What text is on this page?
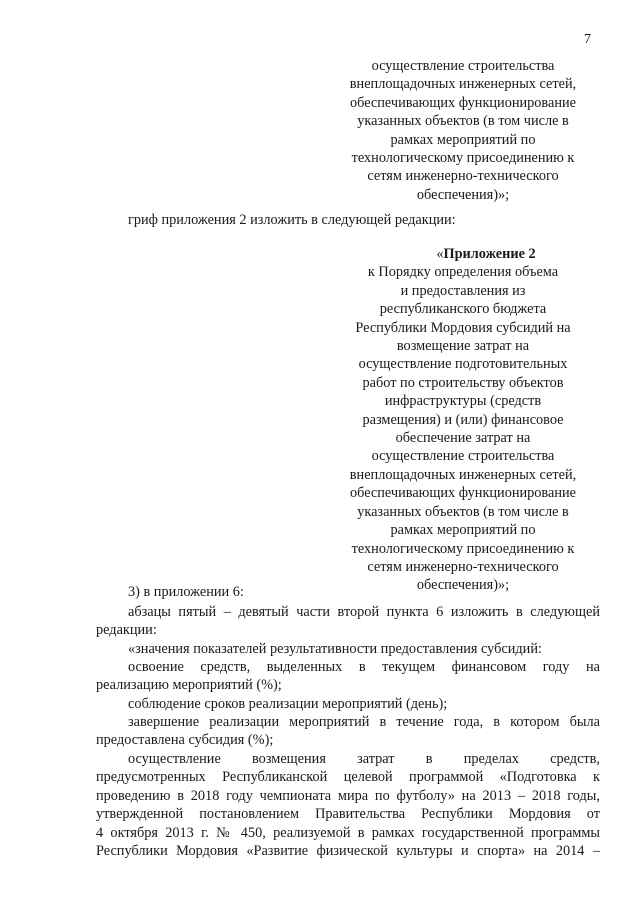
7
осуществление строительства
внеплощадочных инженерных сетей,
обеспечивающих функционирование
указанных объектов (в том числе в
рамках мероприятий по
технологическому присоединению к
сетям инженерно-технического
обеспечения)»;
гриф приложения 2 изложить в следующей редакции:
«Приложение 2
к Порядку определения объема
и предоставления из
республиканского бюджета
Республики Мордовия субсидий на
возмещение затрат на
осуществление подготовительных
работ по строительству объектов
инфраструктуры (средств
размещения) и (или) финансовое
обеспечение затрат на
осуществление строительства
внеплощадочных инженерных сетей,
обеспечивающих функционирование
указанных объектов (в том числе в
рамках мероприятий по
технологическому присоединению к
сетям инженерно-технического
обеспечения)»;
3) в приложении 6:
абзацы пятый – девятый части второй пункта 6 изложить в следующей
редакции:
«значения показателей результативности предоставления субсидий:
освоение средств, выделенных в текущем финансовом году на
реализацию мероприятий (%);
соблюдение сроков реализации мероприятий (день);
завершение реализации мероприятий в течение года, в котором была
предоставлена субсидия (%);
осуществление возмещения затрат в пределах средств,
предусмотренных Республиканской целевой программой «Подготовка к
проведению в 2018 году чемпионата мира по футболу» на 2013 – 2018 годы,
утвержденной постановлением Правительства Республики Мордовия от
4 октября 2013 г. № 450, реализуемой в рамках государственной программы
Республики Мордовия «Развитие физической культуры и спорта» на 2014 –
